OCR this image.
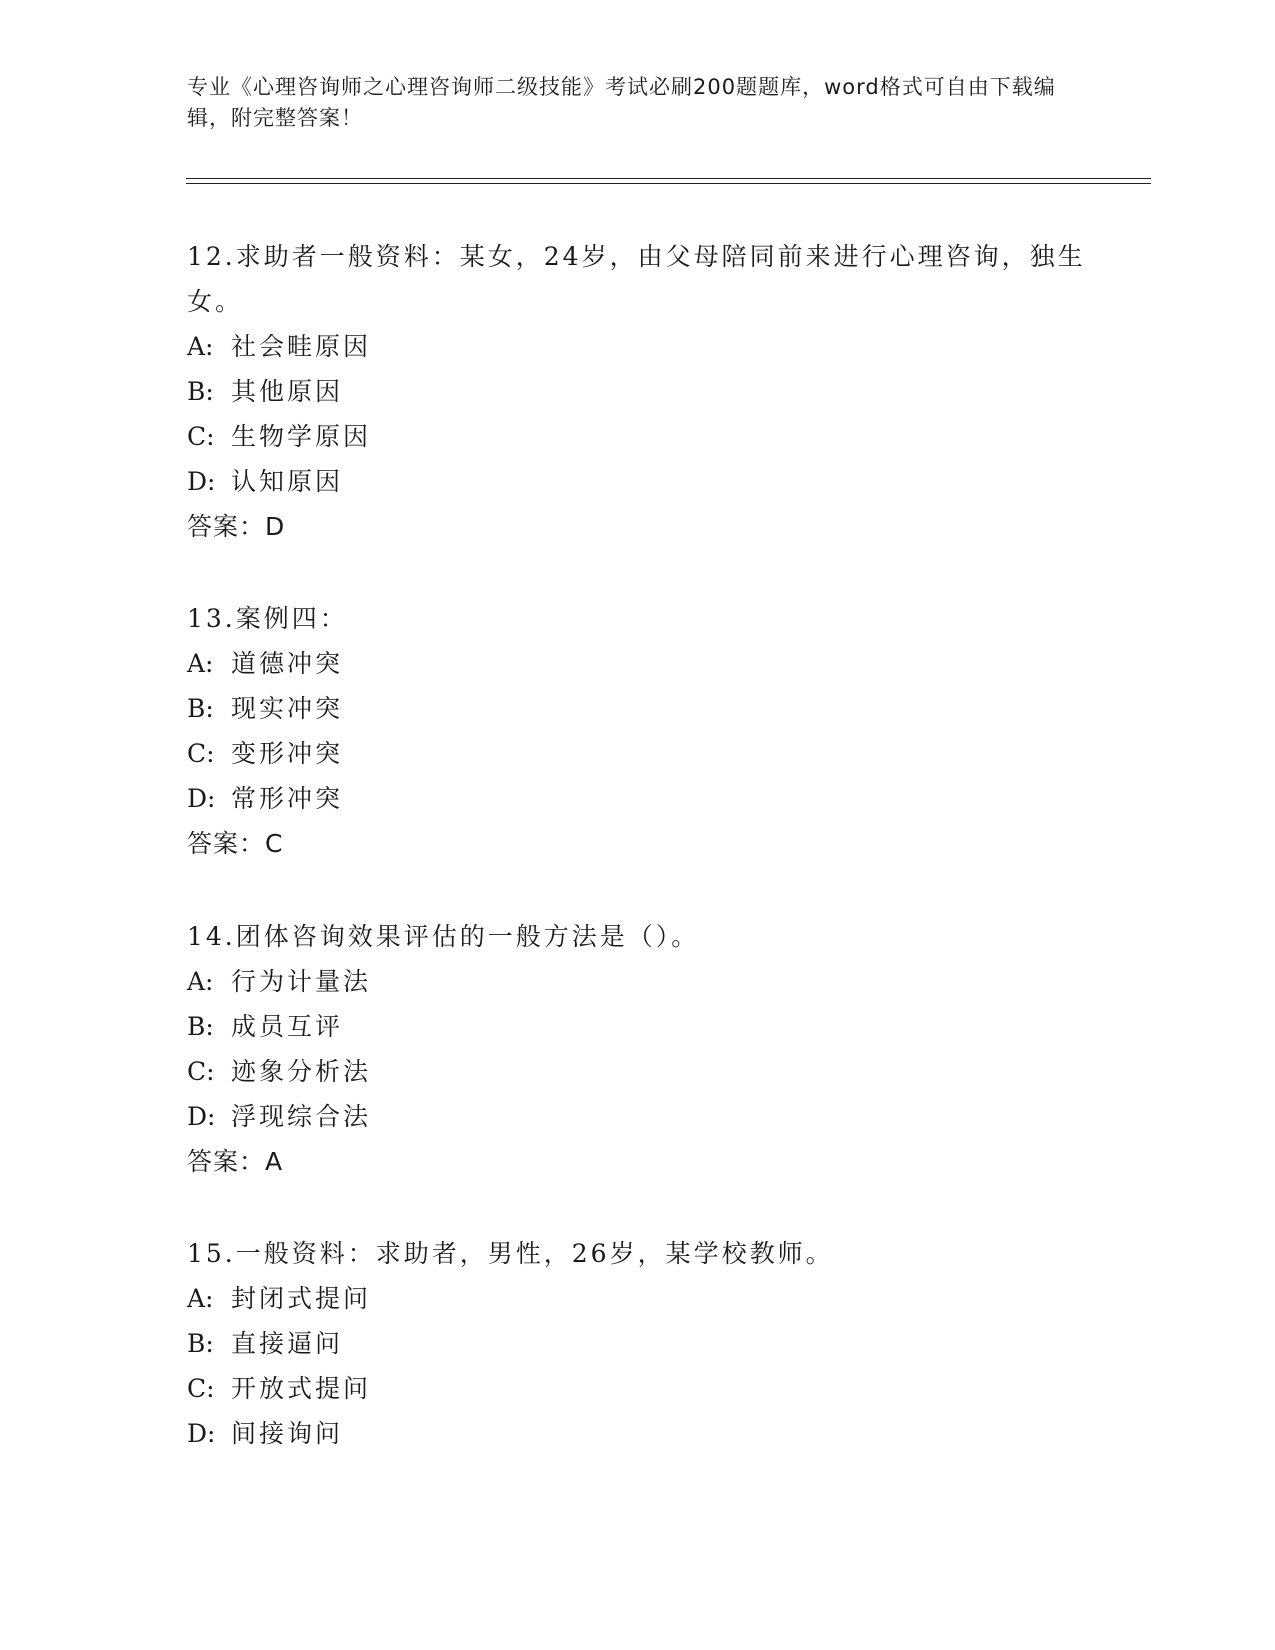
专业《心理咨询师之心理咨询师二级技能》考试必刷200题题库，word格式可自由下载编辑，附完整答案！

12.求助者一般资料：某女，24岁，由父母陪同前来进行心理咨询，独生女。

A: 社会畦原因

B: 其他原因

C: 生物学原因

D: 认知原因

答案：D

13.案例四：

A: 道德冲突

B: 现实冲突

C: 变形冲突

D: 常形冲突

答案：C

14.团体咨询效果评估的一般方法是（）。

A: 行为计量法

B: 成员互评

C: 迹象分析法

D: 浮现综合法

答案：A

15.一般资料：求助者，男性，26岁，某学校教师。

A: 封闭式提问

B: 直接逼问

C: 开放式提问

D: 间接询问
